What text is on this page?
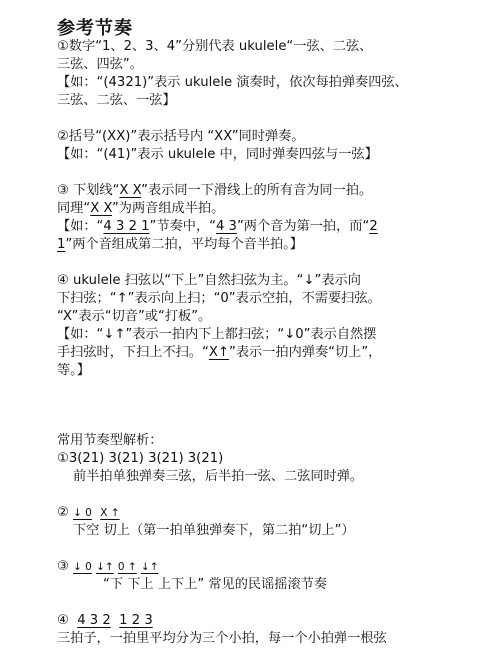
参考节奏
①数字“1、2、3、4”分别代表 ukulele“一弦、二弦、
三弦、四弦”。
【如：“(4321)”表示 ukulele 演奏时，依次每拍弹奏四弦、
三弦、二弦、一弦】
②括号“(XX)”表示括号内 “XX”同时弹奏。
【如：“(41)”表示 ukulele 中，同时弹奏四弦与一弦】
③ 下划线“X X”表示同一下滑线上的所有音为同一拍。
同理“X X”为两音组成半拍。
【如：“4 3 2 1”节奏中，“4 3”两个音为第一拍，而“2
1”两个音组成第二拍，平均每个音半拍。】
④ ukulele 扫弦以“下上”自然扫弦为主。“↓”表示向
下扫弦；“↑”表示向上扫；“0”表示空拍，不需要扫弦。
“X”表示“切音”或“打板”。
【如：“↓↑”表示一拍内下上都扫弦；“↓0”表示自然摆
手扫弦时，下扫上不扫。“X↑”表示一拍内弹奏“切上”，
等。】
常用节奏型解析：
①3(21) 3(21) 3(21) 3(21)
前半拍单独弹奏三弦，后半拍一弦、二弦同时弹。
② ↓ 0 X ↑
下空 切上（第一拍单独弹奏下，第二拍“切上”）
③ ↓ 0 ↓↑ 0 ↑ ↓↑
“下 下上 上下上” 常见的民谣摇滚节奏
④ 4 3 2 1 2 3
三拍子，一拍里平均分为三个小拍，每一个小拍弹一根弦
